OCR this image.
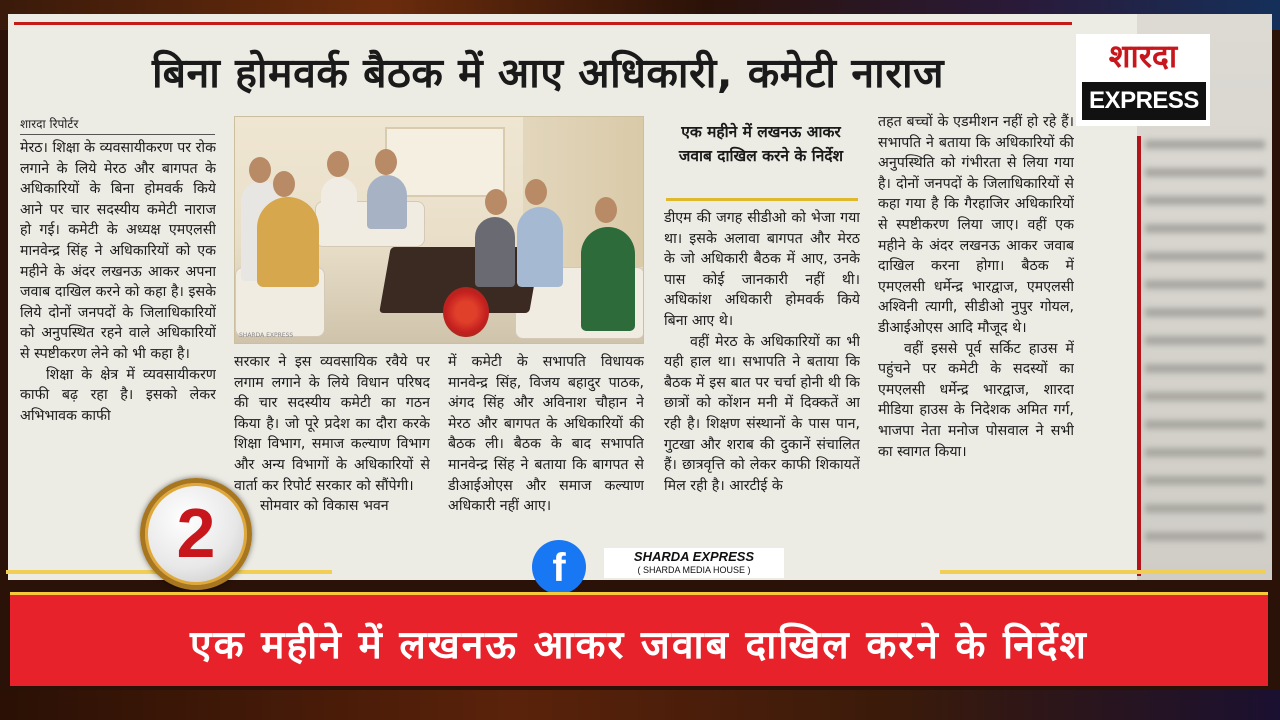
बिना होमवर्क बैठक में आए अधिकारी, कमेटी नाराज	शारदा
EXPRESS
शारदा रिपोर्टर

मेरठ। शिक्षा के व्यवसायीकरण पर रोक लगाने के लिये मेरठ और बागपत के अधिकारियों के बिना होमवर्क किये आने पर चार सदस्यीय कमेटी नाराज हो गई। कमेटी के अध्यक्ष एमएलसी मानवेन्द्र सिंह ने अधिकारियों को एक महीने के अंदर लखनऊ आकर अपना जवाब दाखिल करने को कहा है। इसके लिये दोनों जनपदों के जिलाधिकारियों को अनुपस्थित रहने वाले अधिकारियों से स्पष्टीकरण लेने को भी कहा है।

शिक्षा के क्षेत्र में व्यवसायीकरण काफी बढ़ रहा है। इसको लेकर अभिभावक काफी

SHARDA EXPRESS

सरकार ने इस व्यवसायिक रवैये पर लगाम लगाने के लिये विधान परिषद की चार सदस्यीय कमेटी का गठन किया है। जो पूरे प्रदेश का दौरा करके शिक्षा विभाग, समाज कल्याण विभाग और अन्य विभागों के अधिकारियों से वार्ता कर रिपोर्ट सरकार को सौंपेगी।

सोमवार को विकास भवन

में कमेटी के सभापति विधायक मानवेन्द्र सिंह, विजय बहादुर पाठक, अंगद सिंह और अविनाश चौहान ने मेरठ और बागपत के अधिकारियों की बैठक ली। बैठक के बाद सभापति मानवेन्द्र सिंह ने बताया कि बागपत से डीआईओएस और समाज कल्याण अधिकारी नहीं आए।

एक महीने में लखनऊ आकर जवाब दाखिल करने के निर्देश

डीएम की जगह सीडीओ को भेजा गया था। इसके अलावा बागपत और मेरठ के जो अधिकारी बैठक में आए, उनके पास कोई जानकारी नहीं थी। अधिकांश अधिकारी होमवर्क किये बिना आए थे।

वहीं मेरठ के अधिकारियों का भी यही हाल था। सभापति ने बताया कि बैठक में इस बात पर चर्चा होनी थी कि छात्रों को कोंशन मनी में दिक्कतें आ रही है। शिक्षण संस्थानों के पास पान, गुटखा और शराब की दुकानें संचालित हैं। छात्रवृत्ति को लेकर काफी शिकायतें मिल रही है। आरटीई के

तहत बच्चों के एडमीशन नहीं हो रहे हैं। सभापति ने बताया कि अधिकारियों की अनुपस्थिति को गंभीरता से लिया गया है। दोनों जनपदों के जिलाधिकारियों से कहा गया है कि गैरहाजिर अधिकारियों से स्पष्टीकरण लिया जाए। वहीं एक महीने के अंदर लखनऊ आकर जवाब दाखिल करना होगा। बैठक में एमएलसी धर्मेन्द्र भारद्वाज, एमएलसी अश्विनी त्यागी, सीडीओ नुपुर गोयल, डीआईओएस आदि मौजूद थे।

वहीं इससे पूर्व सर्किट हाउस में पहुंचने पर कमेटी के सदस्यों का एमएलसी धर्मेन्द्र भारद्वाज, शारदा मीडिया हाउस के निदेशक अमित गर्ग, भाजपा नेता मनोज पोसवाल ने सभी का स्वागत किया।

2	f	SHARDA EXPRESS
( SHARDA MEDIA HOUSE )
एक महीने में लखनऊ आकर जवाब दाखिल करने के निर्देश
